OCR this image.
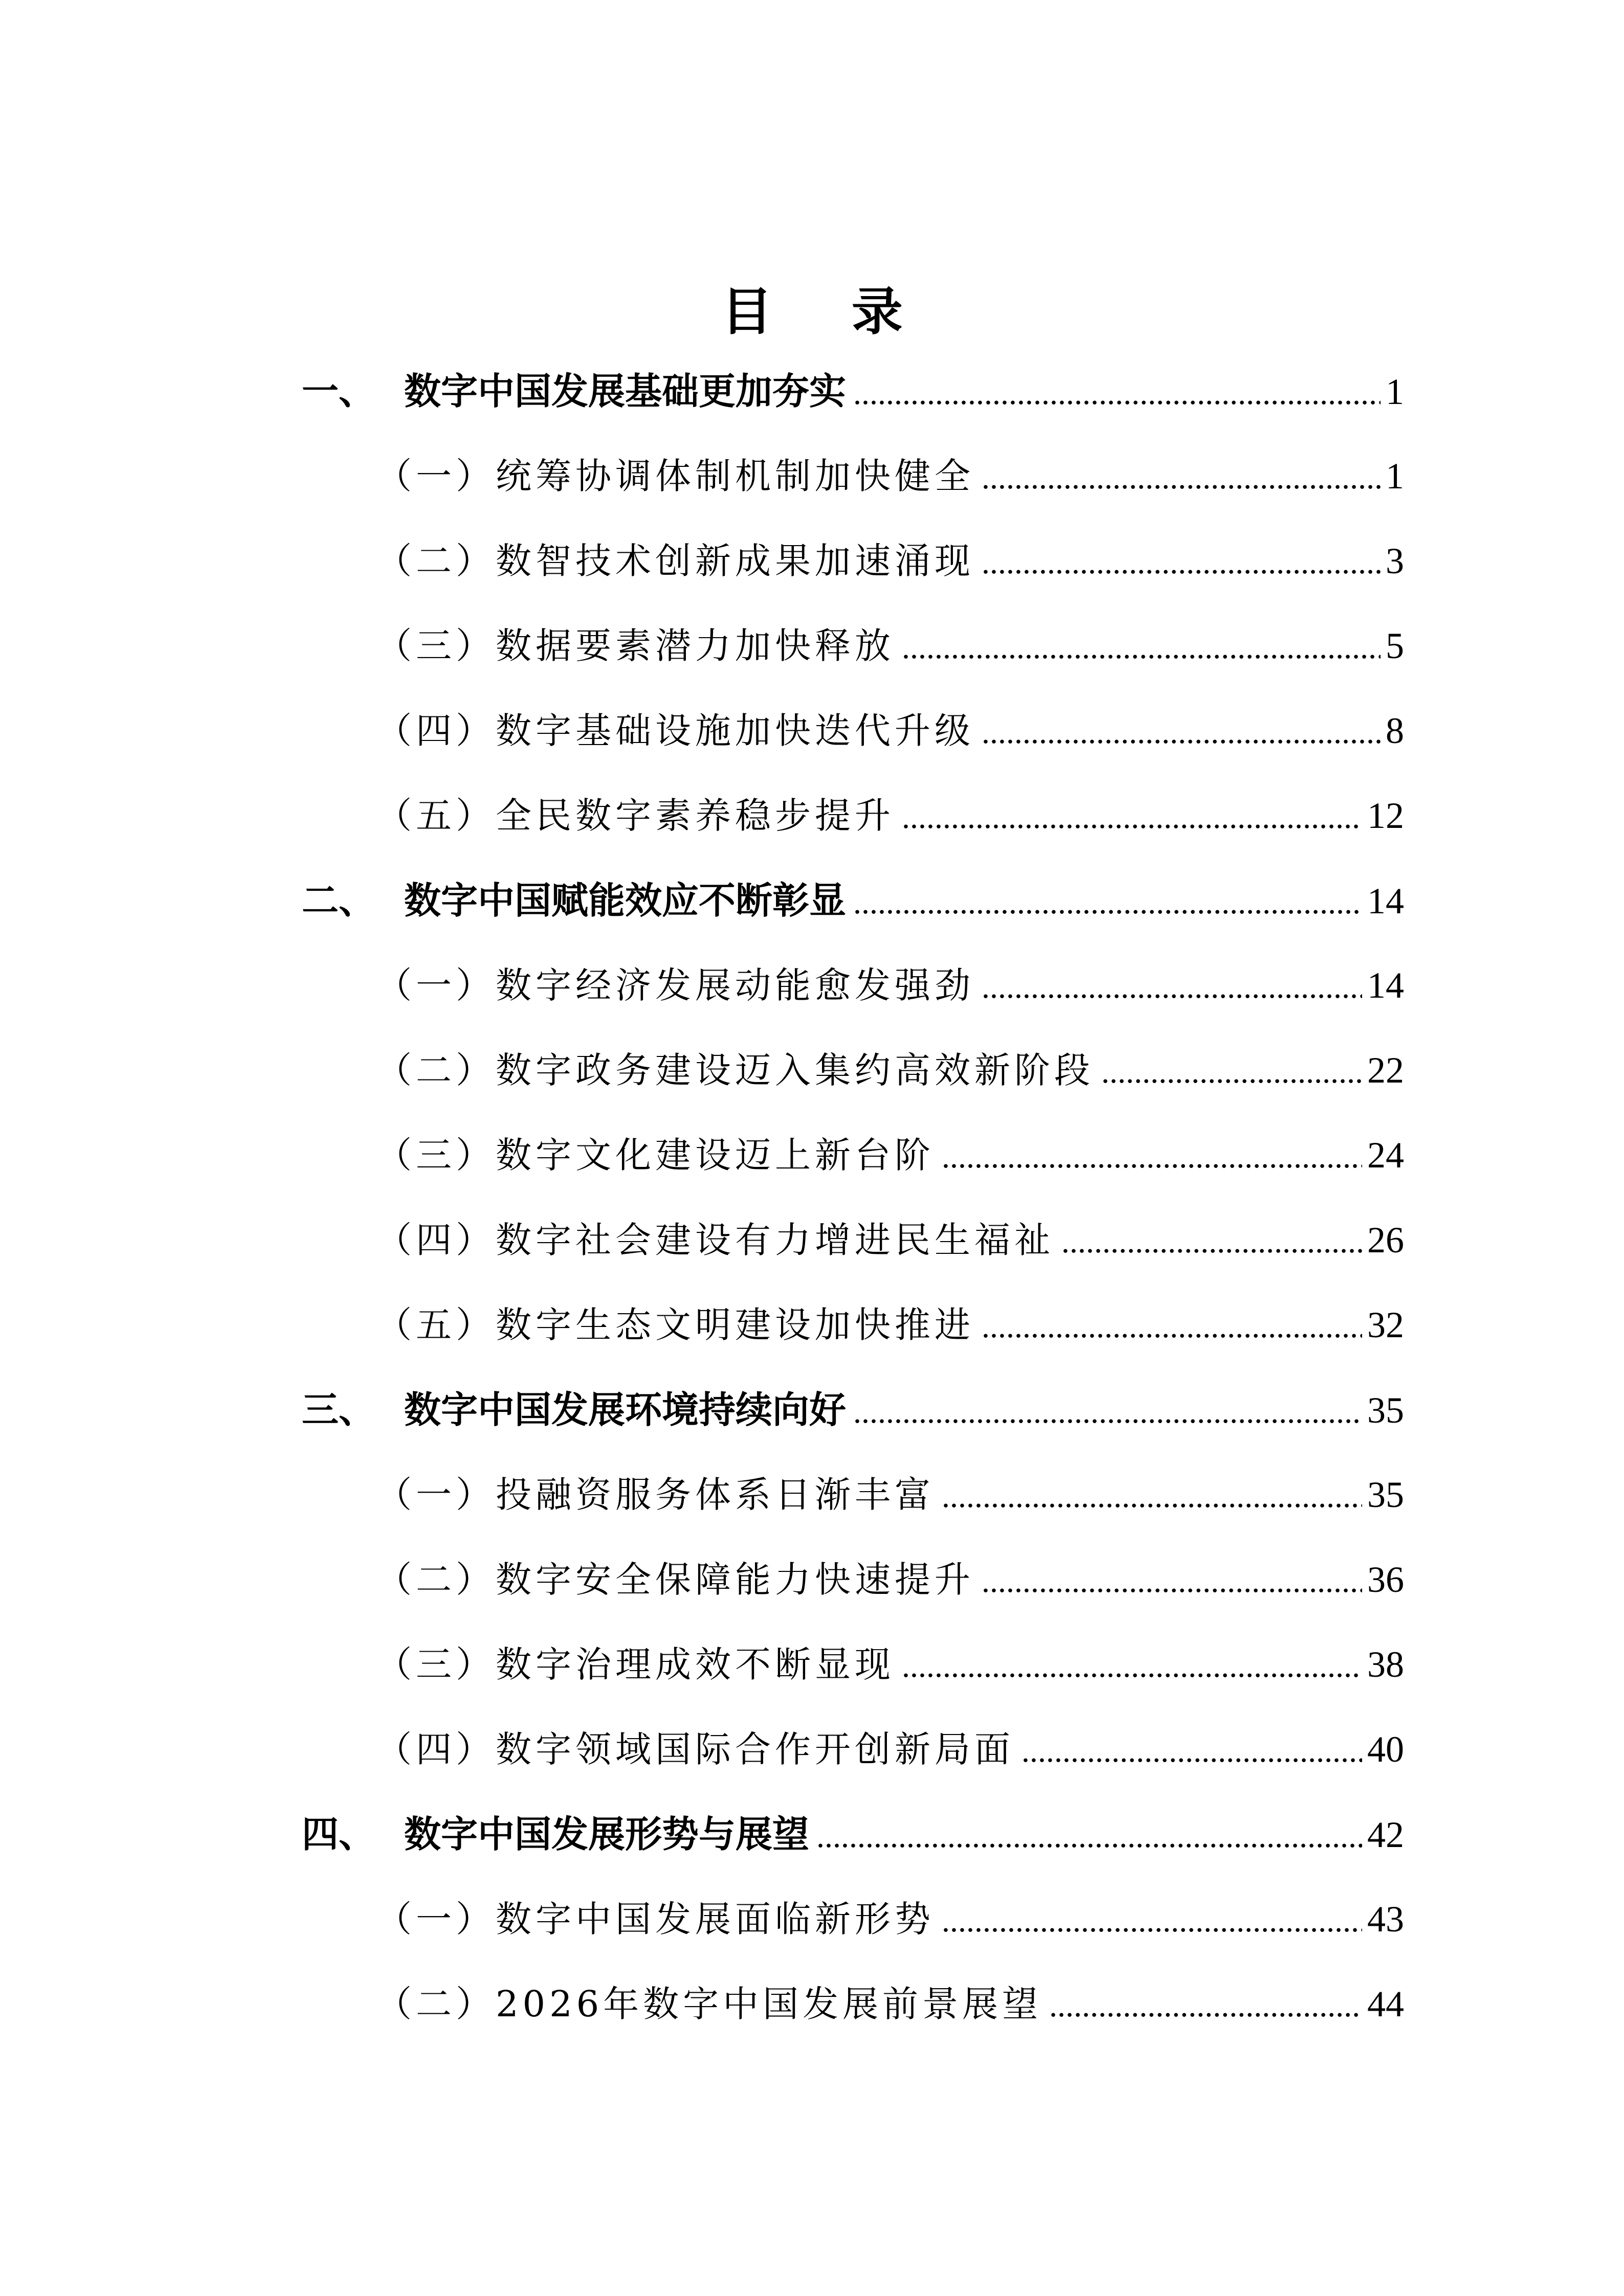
目 录
一、 数字中国发展基础更加夯实 .....	1
（一）统筹协调体制机制加快健全 .....	1
（二）数智技术创新成果加速涌现 .....	3
（三）数据要素潜力加快释放 .....	5
（四）数字基础设施加快迭代升级 .....	8
（五）全民数字素养稳步提升 .....	12
二、 数字中国赋能效应不断彰显 .....	14
（一）数字经济发展动能愈发强劲 .....	14
（二）数字政务建设迈入集约高效新阶段 .....	22
（三）数字文化建设迈上新台阶 .....	24
（四）数字社会建设有力增进民生福祉 .....	26
（五）数字生态文明建设加快推进 .....	32
三、 数字中国发展环境持续向好 .....	35
（一）投融资服务体系日渐丰富 .....	35
（二）数字安全保障能力快速提升 .....	36
（三）数字治理成效不断显现 .....	38
（四）数字领域国际合作开创新局面 .....	40
四、 数字中国发展形势与展望 .....	42
（一）数字中国发展面临新形势 .....	43
（二）2026年数字中国发展前景展望 .....	44
